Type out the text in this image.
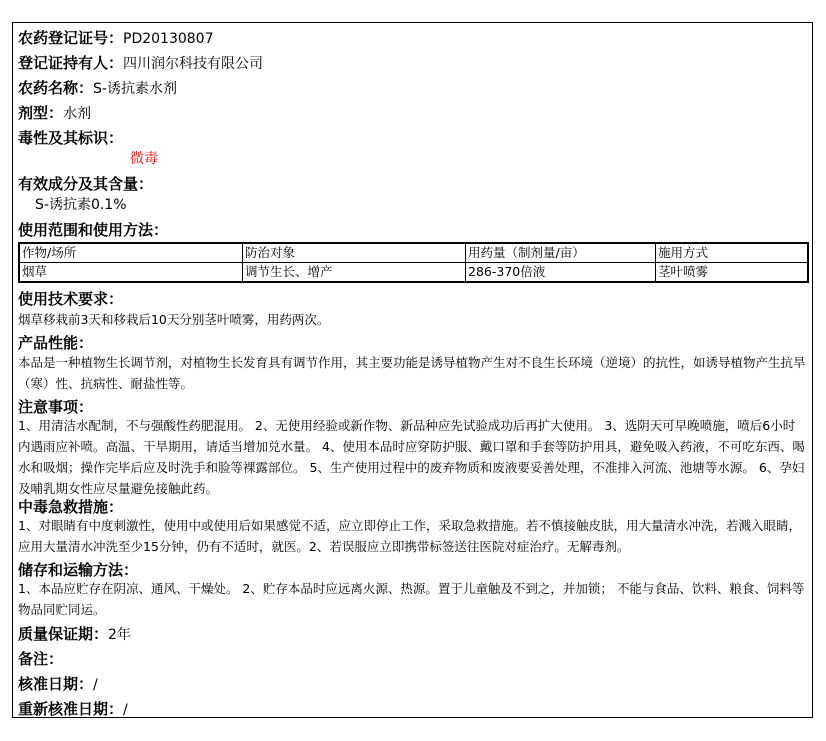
农药登记证号：PD20130807
登记证持有人：四川润尔科技有限公司
农药名称：S-诱抗素水剂
剂型：水剂
毒性及其标识：
微毒
有效成分及其含量：
S-诱抗素0.1%
使用范围和使用方法：
作物/场所	防治对象	用药量（制剂量/亩）	施用方式
烟草	调节生长、增产	286-370倍液	茎叶喷雾
使用技术要求：
烟草移栽前3天和移栽后10天分别茎叶喷雾，用药两次。
产品性能：
本品是一种植物生长调节剂，对植物生长发育具有调节作用，其主要功能是诱导植物产生对不良生长环境（逆境）的抗性，如诱导植物产生抗旱（寒）性、抗病性、耐盐性等。
注意事项：
1、用清洁水配制，不与强酸性药肥混用。 2、无使用经验或新作物、新品种应先试验成功后再扩大使用。 3、选阴天可早晚喷施，喷后6小时内遇雨应补喷。高温、干旱期用，请适当增加兑水量。 4、使用本品时应穿防护服、戴口罩和手套等防护用具，避免吸入药液，不可吃东西、喝水和吸烟；操作完毕后应及时洗手和脸等裸露部位。 5、生产使用过程中的废弃物质和废液要妥善处理，不准排入河流、池塘等水源。 6、孕妇及哺乳期女性应尽量避免接触此药。
中毒急救措施：
1、对眼睛有中度刺激性，使用中或使用后如果感觉不适，应立即停止工作，采取急救措施。若不慎接触皮肤，用大量清水冲洗，若溅入眼睛，应用大量清水冲洗至少15分钟，仍有不适时，就医。2、若误服应立即携带标签送往医院对症治疗。无解毒剂。
储存和运输方法：
1、本品应贮存在阴凉、通风、干燥处。 2、贮存本品时应远离火源、热源。置于儿童触及不到之，并加锁； 不能与食品、饮料、粮食、饲料等物品同贮同运。
质量保证期：2年
备注：
核准日期：/
重新核准日期：/
